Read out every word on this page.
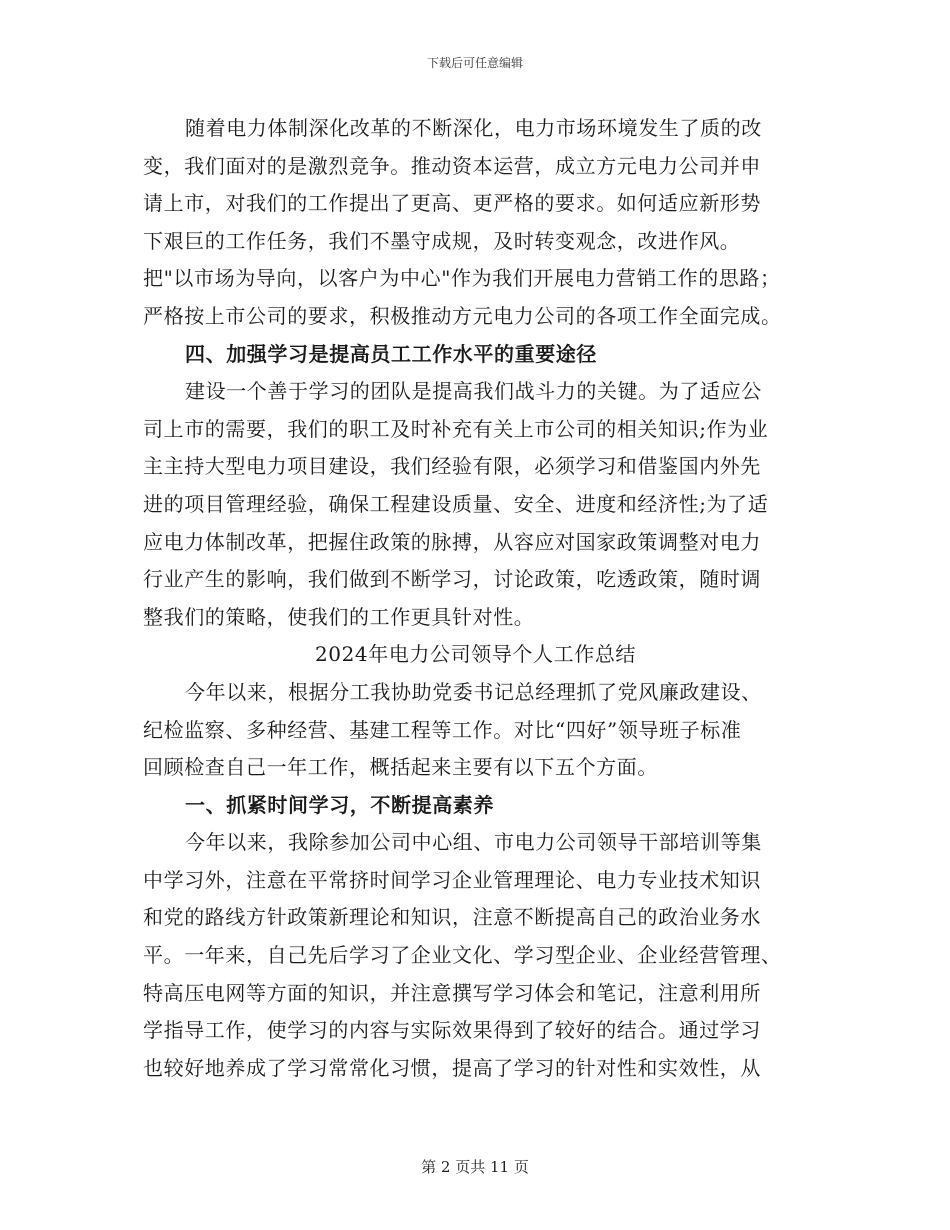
下载后可任意编辑
随着电力体制深化改革的不断深化，电力市场环境发生了质的改
变，我们面对的是激烈竞争。推动资本运营，成立方元电力公司并申
请上市，对我们的工作提出了更高、更严格的要求。如何适应新形势
下艰巨的工作任务，我们不墨守成规，及时转变观念，改进作风。
把"以市场为导向，以客户为中心"作为我们开展电力营销工作的思路；
严格按上市公司的要求，积极推动方元电力公司的各项工作全面完成。
四、加强学习是提高员工工作水平的重要途径
建设一个善于学习的团队是提高我们战斗力的关键。为了适应公
司上市的需要，我们的职工及时补充有关上市公司的相关知识;作为业
主主持大型电力项目建设，我们经验有限，必须学习和借鉴国内外先
进的项目管理经验，确保工程建设质量、安全、进度和经济性;为了适
应电力体制改革，把握住政策的脉搏，从容应对国家政策调整对电力
行业产生的影响，我们做到不断学习，讨论政策，吃透政策，随时调
整我们的策略，使我们的工作更具针对性。
2024年电力公司领导个人工作总结
今年以来，根据分工我协助党委书记总经理抓了党风廉政建设、
纪检监察、多种经营、基建工程等工作。对比“四好”领导班子标准
回顾检查自己一年工作，概括起来主要有以下五个方面。
一、抓紧时间学习，不断提高素养
今年以来，我除参加公司中心组、市电力公司领导干部培训等集
中学习外，注意在平常挤时间学习企业管理理论、电力专业技术知识
和党的路线方针政策新理论和知识，注意不断提高自己的政治业务水
平。一年来，自己先后学习了企业文化、学习型企业、企业经营管理、
特高压电网等方面的知识，并注意撰写学习体会和笔记，注意利用所
学指导工作，使学习的内容与实际效果得到了较好的结合。通过学习
也较好地养成了学习常常化习惯，提高了学习的针对性和实效性，从
第 2 页共 11 页
